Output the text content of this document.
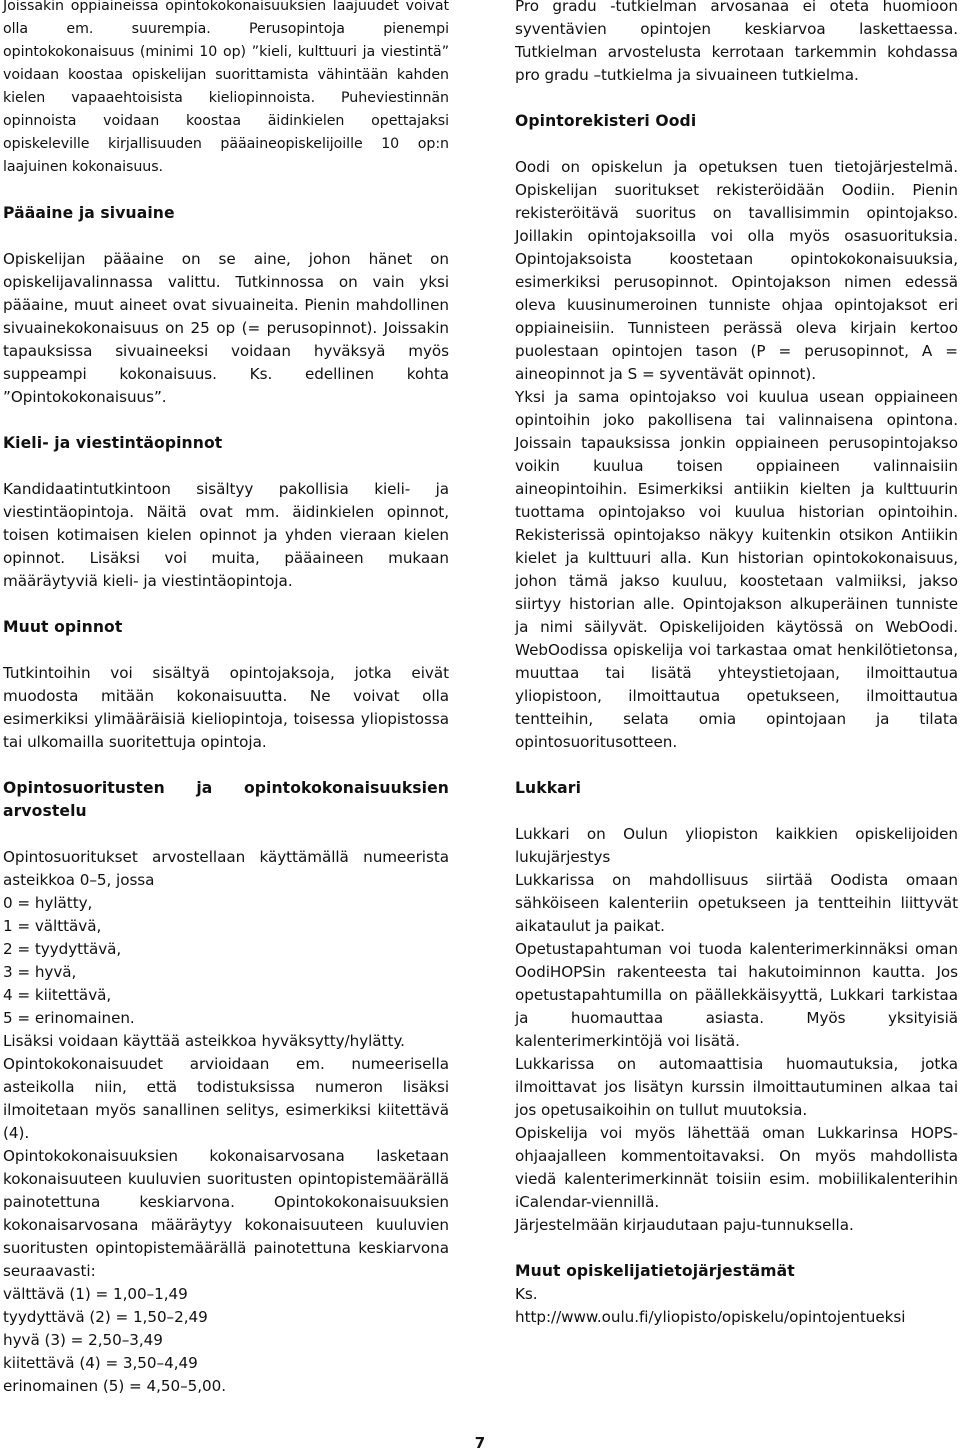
Joissakin oppiaineissa opintokokonaisuuksien laajuudet voivat olla em. suurempia. Perusopintoja pienempi opintokokonaisuus (minimi 10 op) ”kieli, kulttuuri ja viestintä” voidaan koostaa opiskelijan suorittamista vähintään kahden kielen vapaaehtoisista kieliopinnoista. Puheviestinnän opinnoista voidaan koostaa äidinkielen opettajaksi opiskeleville kirjallisuuden pääaineopiskelijoille 10 op:n laajuinen kokonaisuus.

Pääaine ja sivuaine

Opiskelijan pääaine on se aine, johon hänet on opiskelijavalinnassa valittu. Tutkinnossa on vain yksi pääaine, muut aineet ovat sivuaineita. Pienin mahdollinen sivuainekokonaisuus on 25 op (= perusopinnot). Joissakin tapauksissa sivuaineeksi voidaan hyväksyä myös suppeampi kokonaisuus. Ks. edellinen kohta ”Opintokokonaisuus”.

Kieli- ja viestintäopinnot

Kandidaatintutkintoon sisältyy pakollisia kieli- ja viestintäopintoja. Näitä ovat mm. äidinkielen opinnot, toisen kotimaisen kielen opinnot ja yhden vieraan kielen opinnot. Lisäksi voi muita, pääaineen mukaan määräytyviä kieli- ja viestintäopintoja.

Muut opinnot

Tutkintoihin voi sisältyä opintojaksoja, jotka eivät muodosta mitään kokonaisuutta. Ne voivat olla esimerkiksi ylimääräisiä kieliopintoja, toisessa yliopistossa tai ulkomailla suoritettuja opintoja.

Opintosuoritusten ja opintokokonaisuuksien arvostelu

Opintosuoritukset arvostellaan käyttämällä numeerista asteikkoa 0–5, jossa

0 = hylätty,

1 = välttävä,

2 = tyydyttävä,

3 = hyvä,

4 = kiitettävä,

5 = erinomainen.

Lisäksi voidaan käyttää asteikkoa hyväksytty/hylätty.

Opintokokonaisuudet arvioidaan em. numeerisella asteikolla niin, että todistuksissa numeron lisäksi ilmoitetaan myös sanallinen selitys, esimerkiksi kiitettävä (4).

Opintokokonaisuuksien kokonaisarvosana lasketaan kokonaisuuteen kuuluvien suoritusten opintopistemäärällä painotettuna keskiarvona. Opintokokonaisuuksien kokonaisarvosana määräytyy kokonaisuuteen kuuluvien suoritusten opintopistemäärällä painotettuna keskiarvona seuraavasti:

välttävä (1) = 1,00–1,49

tyydyttävä (2) = 1,50–2,49

hyvä (3) = 2,50–3,49

kiitettävä (4) = 3,50–4,49

erinomainen (5) = 4,50–5,00.

Pro gradu -tutkielman arvosanaa ei oteta huomioon syventävien opintojen keskiarvoa laskettaessa. Tutkielman arvostelusta kerrotaan tarkemmin kohdassa pro gradu –tutkielma ja sivuaineen tutkielma.

Opintorekisteri Oodi

Oodi on opiskelun ja opetuksen tuen tietojärjestelmä. Opiskelijan suoritukset rekisteröidään Oodiin. Pienin rekisteröitävä suoritus on tavallisimmin opintojakso. Joillakin opintojaksoilla voi olla myös osasuorituksia. Opintojaksoista koostetaan opintokokonaisuuksia, esimerkiksi perusopinnot. Opintojakson nimen edessä oleva kuusinumeroinen tunniste ohjaa opintojaksot eri oppiaineisiin. Tunnisteen perässä oleva kirjain kertoo puolestaan opintojen tason (P = perusopinnot, A = aineopinnot ja S = syventävät opinnot).

Yksi ja sama opintojakso voi kuulua usean oppiaineen opintoihin joko pakollisena tai valinnaisena opintona. Joissain tapauksissa jonkin oppiaineen perusopintojakso voikin kuulua toisen oppiaineen valinnaisiin aineopintoihin. Esimerkiksi antiikin kielten ja kulttuurin tuottama opintojakso voi kuulua historian opintoihin. Rekisterissä opintojakso näkyy kuitenkin otsikon Antiikin kielet ja kulttuuri alla. Kun historian opintokokonaisuus, johon tämä jakso kuuluu, koostetaan valmiiksi, jakso siirtyy historian alle. Opintojakson alkuperäinen tunniste ja nimi säilyvät. Opiskelijoiden käytössä on WebOodi. WebOodissa opiskelija voi tarkastaa omat henkilötietonsa, muuttaa tai lisätä yhteystietojaan, ilmoittautua yliopistoon, ilmoittautua opetukseen, ilmoittautua tentteihin, selata omia opintojaan ja tilata opintosuoritusotteen.

Lukkari

Lukkari on Oulun yliopiston kaikkien opiskelijoiden lukujärjestys

Lukkarissa on mahdollisuus siirtää Oodista omaan sähköiseen kalenteriin opetukseen ja tentteihin liittyvät aikataulut ja paikat.

Opetustapahtuman voi tuoda kalenterimerkinnäksi oman OodiHOPSin rakenteesta tai hakutoiminnon kautta. Jos opetustapahtumilla on päällekkäisyyttä, Lukkari tarkistaa ja huomauttaa asiasta. Myös yksityisiä kalenterimerkintöjä voi lisätä.

Lukkarissa on automaattisia huomautuksia, jotka ilmoittavat jos lisätyn kurssin ilmoittautuminen alkaa tai jos opetusaikoihin on tullut muutoksia.

Opiskelija voi myös lähettää oman Lukkarinsa HOPS-ohjaajalleen kommentoitavaksi. On myös mahdollista viedä kalenterimerkinnät toisiin esim. mobiilikalenterihin iCalendar-viennillä.

Järjestelmään kirjaudutaan paju-tunnuksella.

Muut opiskelijatietojärjestämät

Ks.

http://www.oulu.fi/yliopisto/opiskelu/opintojentueksi

7
